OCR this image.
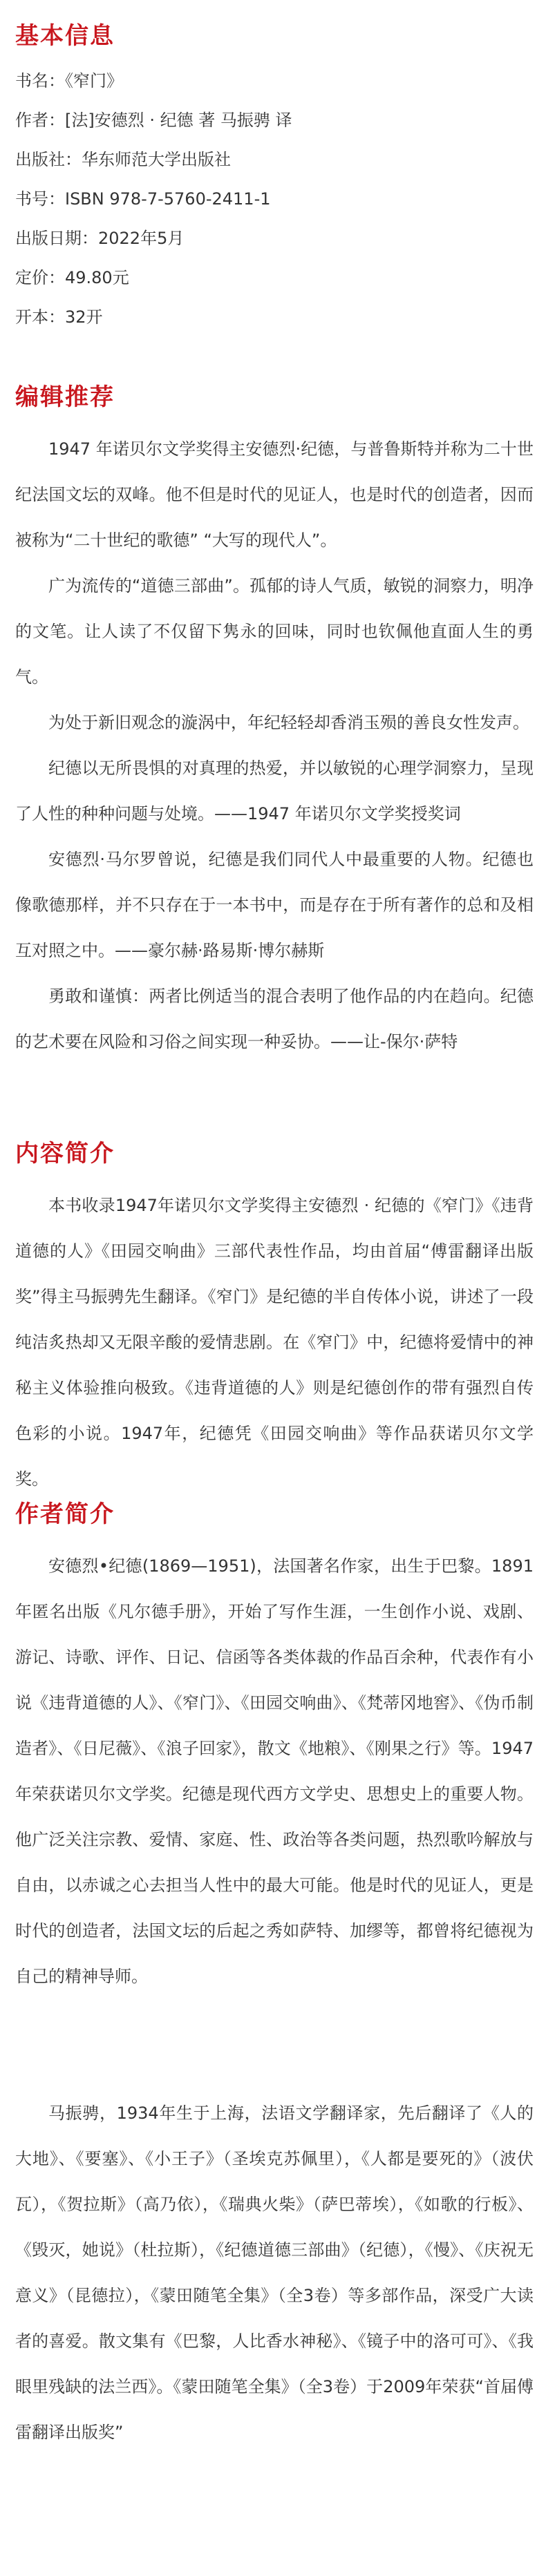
基本信息

书名：《窄门》

作者：[法]安德烈 · 纪德 著 马振骋 译

出版社：华东师范大学出版社

书号：ISBN 978-7-5760-2411-1

出版日期：2022年5月

定价：49.80元

开本：32开

编辑推荐

1947 年诺贝尔文学奖得主安德烈·纪德，与普鲁斯特并称为二十世纪法国文坛的双峰。他不但是时代的见证人，也是时代的创造者，因而被称为“二十世纪的歌德” “大写的现代人”。

广为流传的“道德三部曲”。孤郁的诗人气质，敏锐的洞察力，明净的文笔。让人读了不仅留下隽永的回味，同时也钦佩他直面人生的勇气。

为处于新旧观念的漩涡中，年纪轻轻却香消玉殒的善良女性发声。

纪德以无所畏惧的对真理的热爱，并以敏锐的心理学洞察力，呈现了人性的种种问题与处境。——1947 年诺贝尔文学奖授奖词

安德烈·马尔罗曾说，纪德是我们同代人中最重要的人物。纪德也像歌德那样，并不只存在于一本书中，而是存在于所有著作的总和及相互对照之中。——豪尔赫·路易斯·博尔赫斯

勇敢和谨慎：两者比例适当的混合表明了他作品的内在趋向。纪德的艺术要在风险和习俗之间实现一种妥协。——让-保尔·萨特

内容简介

本书收录1947年诺贝尔文学奖得主安德烈 · 纪德的《窄门》《违背道德的人》《田园交响曲》三部代表性作品，均由首届“傅雷翻译出版奖”得主马振骋先生翻译。《窄门》是纪德的半自传体小说，讲述了一段纯洁炙热却又无限辛酸的爱情悲剧。在《窄门》中，纪德将爱情中的神秘主义体验推向极致。《违背道德的人》则是纪德创作的带有强烈自传色彩的小说。1947年，纪德凭《田园交响曲》等作品获诺贝尔文学奖。

作者简介

安德烈•纪德(1869—1951)，法国著名作家，出生于巴黎。1891年匿名出版《凡尔德手册》，开始了写作生涯，一生创作小说、戏剧、游记、诗歌、评作、日记、信函等各类体裁的作品百余种，代表作有小说《违背道德的人》、《窄门》、《田园交响曲》、《梵蒂冈地窖》、《伪币制造者》、《日尼薇》、《浪子回家》，散文《地粮》、《刚果之行》等。1947年荣获诺贝尔文学奖。纪德是现代西方文学史、思想史上的重要人物。他广泛关注宗教、爱情、家庭、性、政治等各类问题，热烈歌吟解放与自由，以赤诚之心去担当人性中的最大可能。他是时代的见证人，更是时代的创造者，法国文坛的后起之秀如萨特、加缪等，都曾将纪德视为自己的精神导师。

马振骋，1934年生于上海，法语文学翻译家，先后翻译了《人的大地》、《要塞》、《小王子》（圣埃克苏佩里），《人都是要死的》（波伏瓦），《贺拉斯》（高乃依），《瑞典火柴》（萨巴蒂埃），《如歌的行板》、《毁灭，她说》（杜拉斯），《纪德道德三部曲》（纪德），《慢》、《庆祝无意义》（昆德拉），《蒙田随笔全集》（全3卷）等多部作品，深受广大读者的喜爱。散文集有《巴黎，人比香水神秘》、《镜子中的洛可可》、《我眼里残缺的法兰西》。《蒙田随笔全集》（全3卷）于2009年荣获“首届傅雷翻译出版奖”
